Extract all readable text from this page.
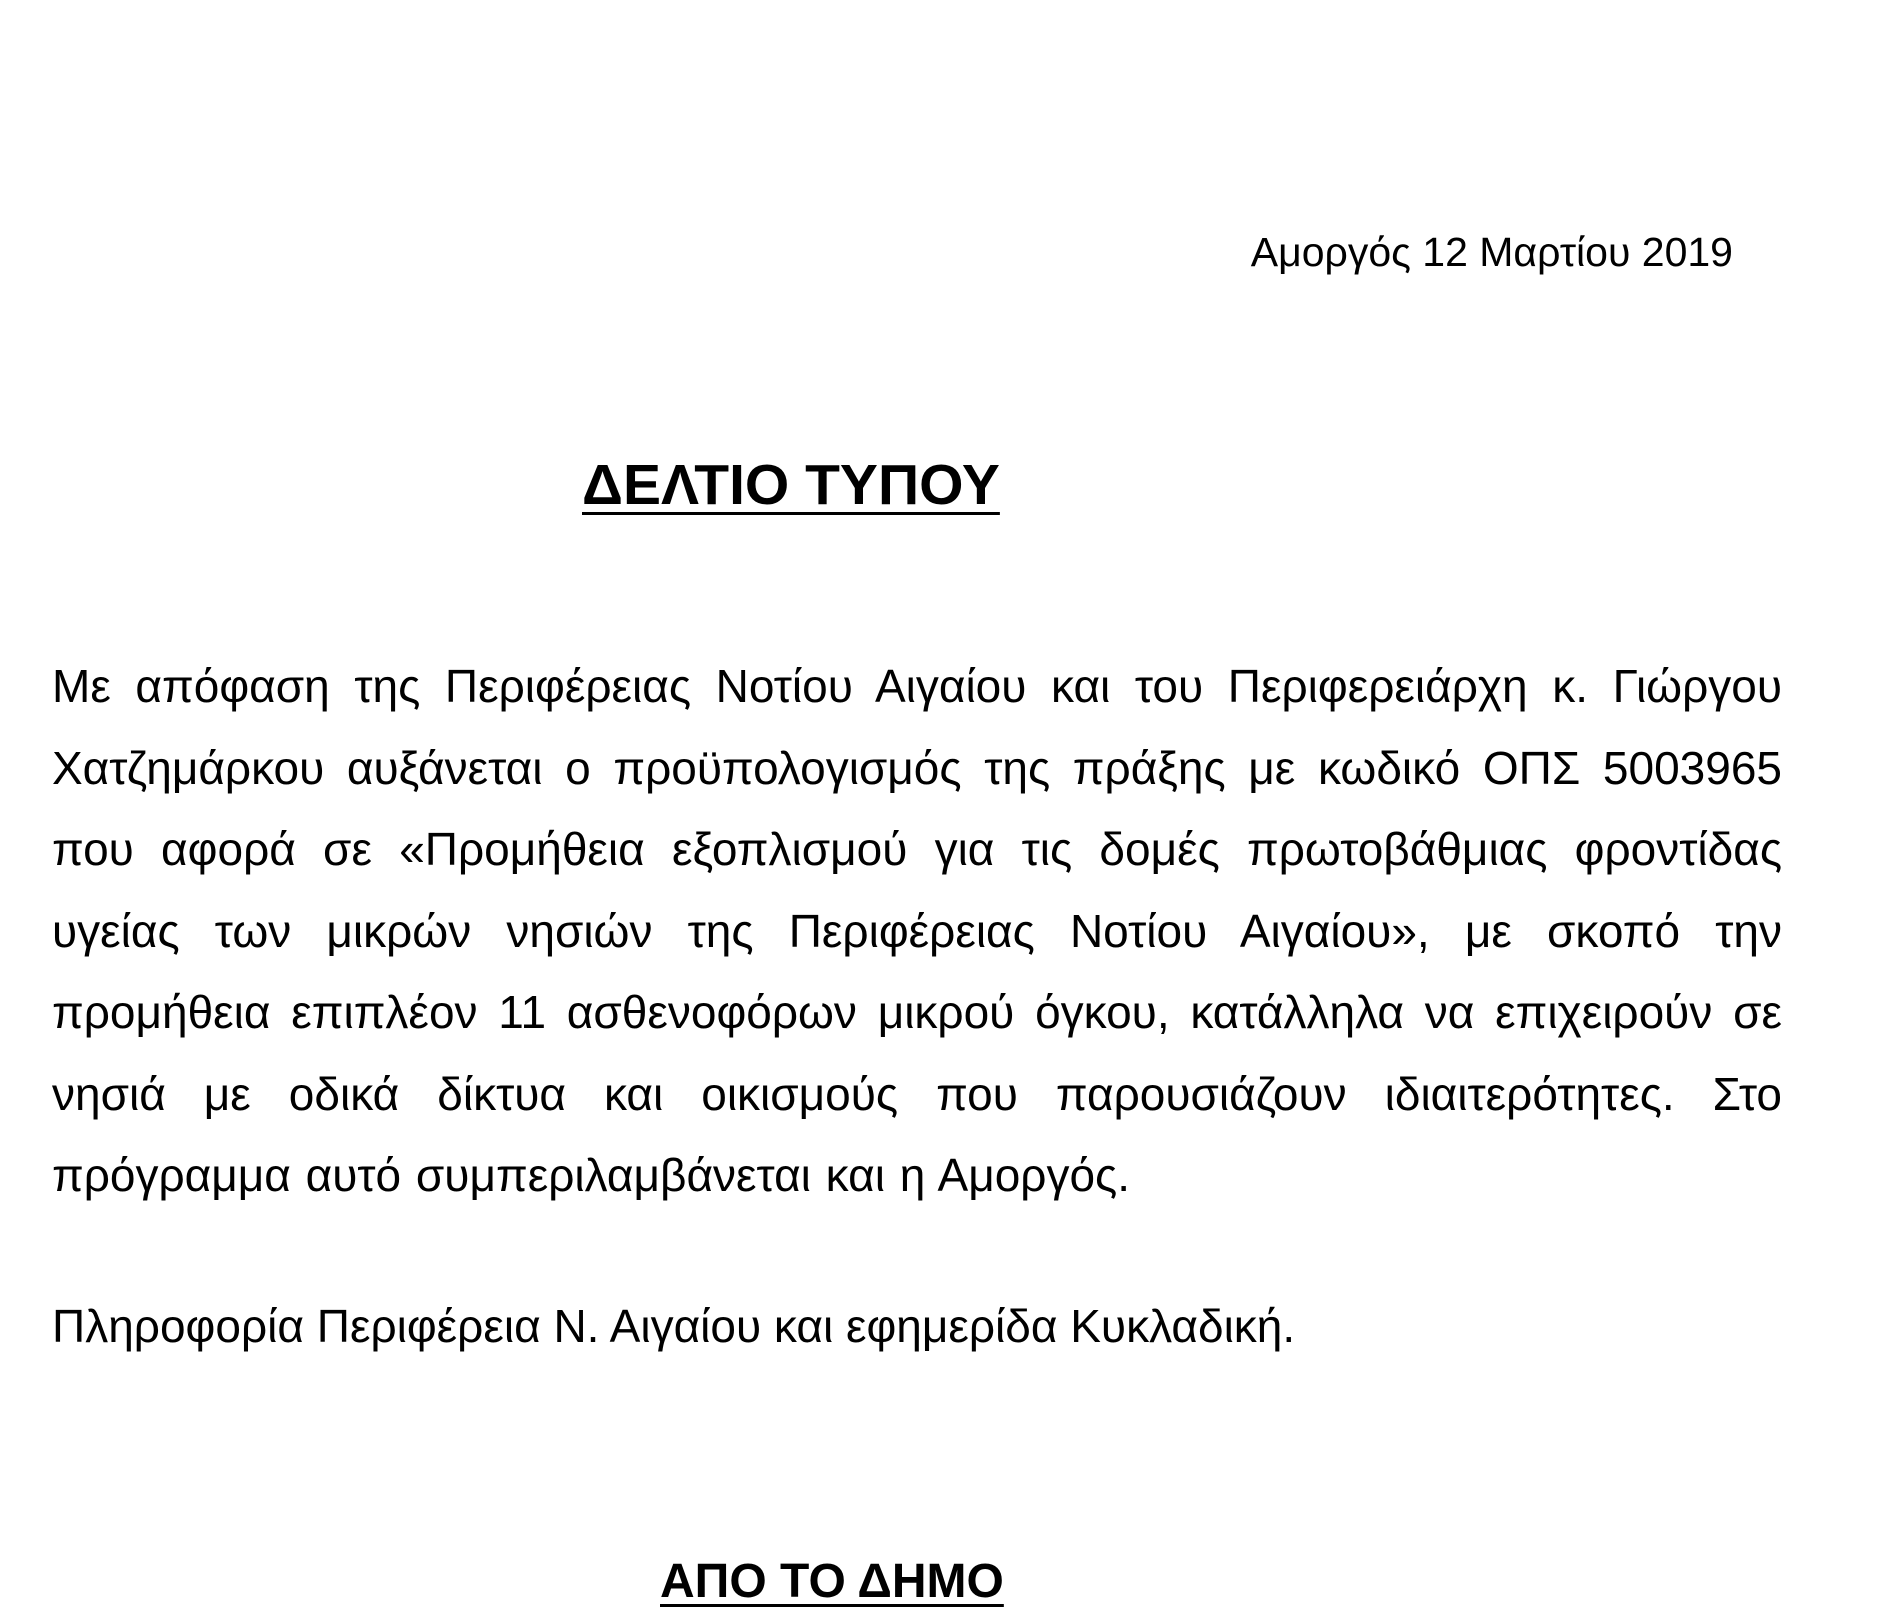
Αμοργός 12 Μαρτίου 2019
ΔΕΛΤΙΟ ΤΥΠΟΥ

Με απόφαση της Περιφέρειας Νοτίου Αιγαίου και του Περιφερειάρχη κ. Γιώργου Χατζημάρκου αυξάνεται ο προϋπολογισμός της πράξης με κωδικό ΟΠΣ 5003965 που αφορά σε «Προμήθεια εξοπλισμού για τις δομές πρωτοβάθμιας φροντίδας υγείας των μικρών νησιών της Περιφέρειας Νοτίου Αιγαίου», με σκοπό την προμήθεια επιπλέον 11 ασθενοφόρων μικρού όγκου, κατάλληλα να επιχειρούν σε νησιά με οδικά δίκτυα και οικισμούς που παρουσιάζουν ιδιαιτερότητες. Στο πρόγραμμα αυτό συμπεριλαμβάνεται και η Αμοργός.

Πληροφορία Περιφέρεια Ν. Αιγαίου και εφημερίδα Κυκλαδική.

ΑΠΟ ΤΟ ΔΗΜΟ
